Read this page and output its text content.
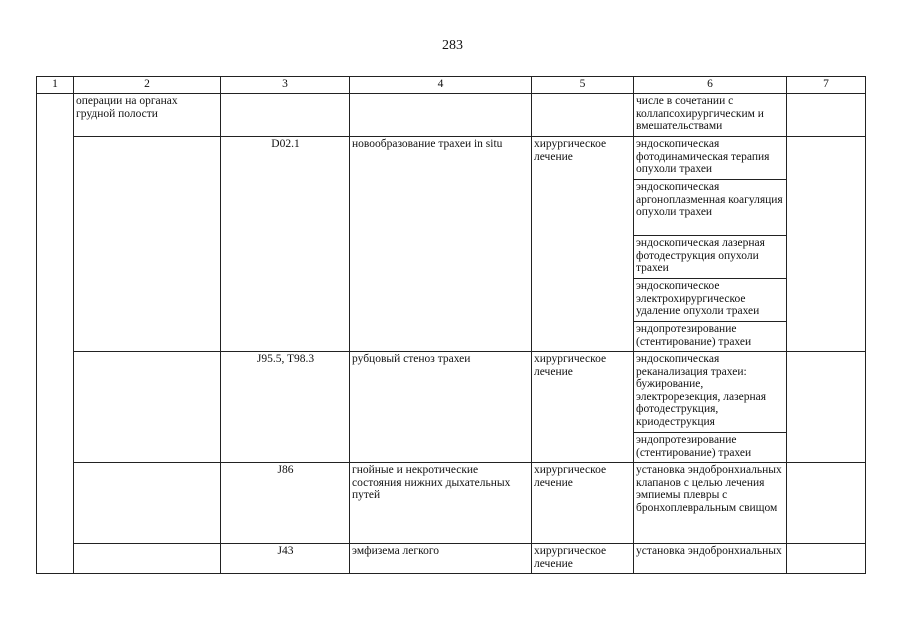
283
1	2	3	4	5	6	7
	операции на органах грудной полости				числе в сочетании с коллапсохирургическим и вмешательствами	
		D02.1	новообразование трахеи in situ	хирургическое лечение	эндоскопическая фотодинамическая терапия опухоли трахеи	
					эндоскопическая аргоноплазменная коагуляция опухоли трахеи	
					эндоскопическая лазерная фотодеструкция опухоли трахеи	
					эндоскопическое электрохирургическое удаление опухоли трахеи	
					эндопротезирование (стентирование) трахеи	
		J95.5, T98.3	рубцовый стеноз трахеи	хирургическое лечение	эндоскопическая реканализация трахеи: бужирование, электрорезекция, лазерная фотодеструкция, криодеструкция	
					эндопротезирование (стентирование) трахеи	
		J86	гнойные и некротические состояния нижних дыхательных путей	хирургическое лечение	установка эндобронхиальных клапанов с целью лечения эмпиемы плевры с бронхоплевральным свищом	
		J43	эмфизема легкого	хирургическое лечение	установка эндобронхиальных	
